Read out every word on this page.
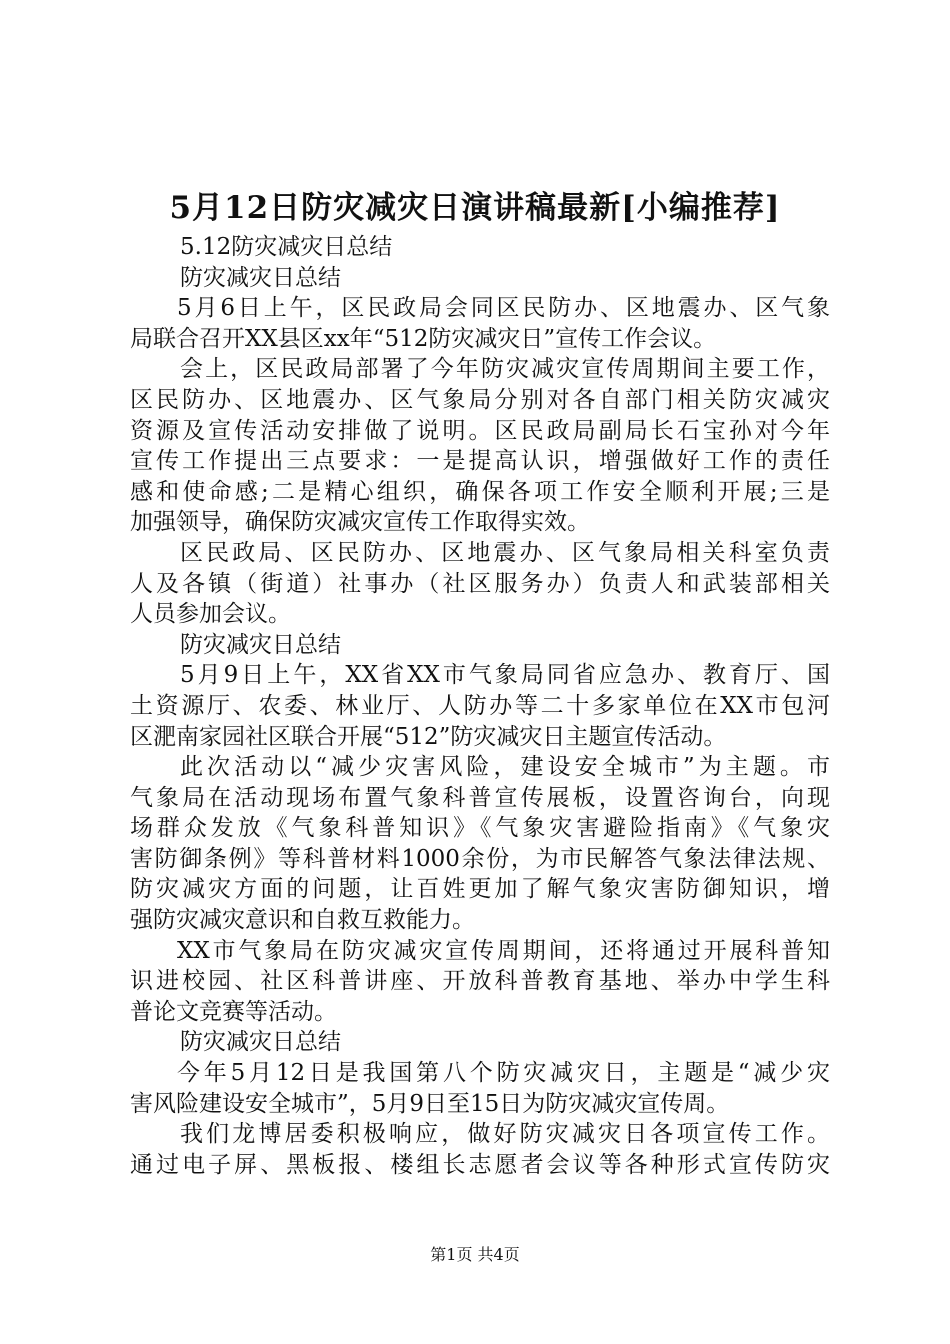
5月12日防灾减灾日演讲稿最新[小编推荐]
5.12防灾减灾日总结
防灾减灾日总结
5月6日上午，区民政局会同区民防办、区地震办、区气象
局联合召开XX县区xx年“512防灾减灾日”宣传工作会议。
会上，区民政局部署了今年防灾减灾宣传周期间主要工作，
区民防办、区地震办、区气象局分别对各自部门相关防灾减灾
资源及宣传活动安排做了说明。区民政局副局长石宝孙对今年
宣传工作提出三点要求：一是提高认识，增强做好工作的责任
感和使命感;二是精心组织，确保各项工作安全顺利开展;三是
加强领导，确保防灾减灾宣传工作取得实效。
区民政局、区民防办、区地震办、区气象局相关科室负责
人及各镇（街道）社事办（社区服务办）负责人和武装部相关
人员参加会议。
防灾减灾日总结
5月9日上午，XX省XX市气象局同省应急办、教育厅、国
土资源厅、农委、林业厅、人防办等二十多家单位在XX市包河
区淝南家园社区联合开展“512”防灾减灾日主题宣传活动。
此次活动以“减少灾害风险，建设安全城市”为主题。市
气象局在活动现场布置气象科普宣传展板，设置咨询台，向现
场群众发放《气象科普知识》《气象灾害避险指南》《气象灾
害防御条例》等科普材料1000余份，为市民解答气象法律法规、
防灾减灾方面的问题，让百姓更加了解气象灾害防御知识，增
强防灾减灾意识和自救互救能力。
XX市气象局在防灾减灾宣传周期间，还将通过开展科普知
识进校园、社区科普讲座、开放科普教育基地、举办中学生科
普论文竞赛等活动。
防灾减灾日总结
今年5月12日是我国第八个防灾减灾日，主题是“减少灾
害风险建设安全城市”，5月9日至15日为防灾减灾宣传周。
我们龙博居委积极响应，做好防灾减灾日各项宣传工作。
通过电子屏、黑板报、楼组长志愿者会议等各种形式宣传防灾
第1页 共4页
